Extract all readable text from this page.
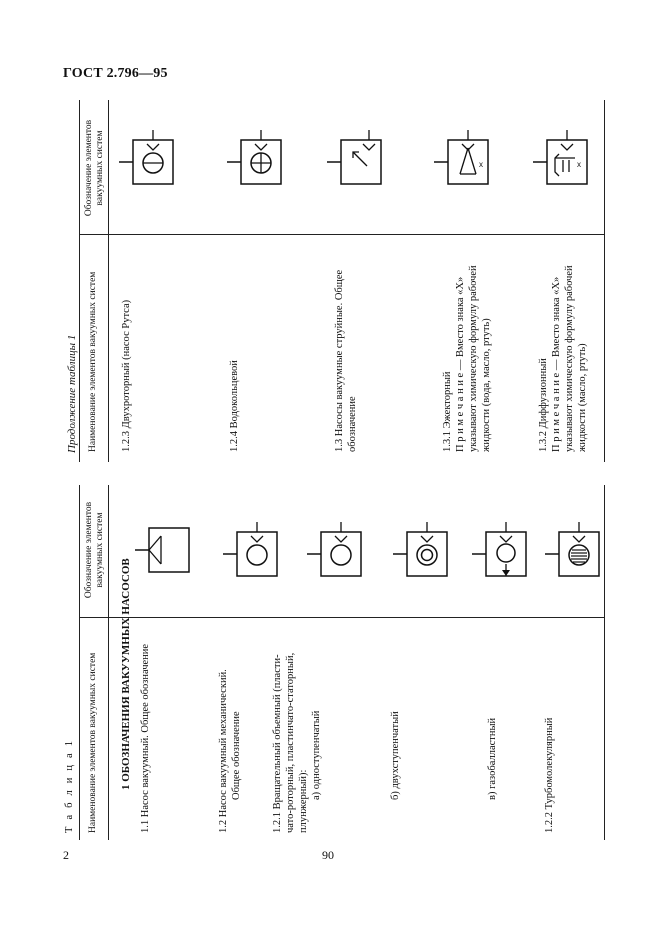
ГОСТ 2.796—95
Т а б л и ц а 1 Наименование элементов вакуумных систем
Обозначение элементов вакуумных систем
1 ОБОЗНАЧЕНИЯ ВАКУУМНЫХ НАСОСОВ 1.1 Насос вакуумный. Общее обозначение	1.2 Насос вакуумный механический. Общее обозначение	1.2.1 Вращательный объемный (пласти- чато-роторный, пластинчато-статорный, плунжерный):
а) одноступенчатый	б) двухступенчатый	в) газобалластный	1.2.2 Турбомолекулярный
Продолжение таблицы 1 Наименование элементов вакуумных систем
Обозначение элементов вакуумных систем
1.2.3 Двухроторный (насос Рутса)	1.2.4 Водокольцевой	1.3 Насосы вакуумные струйные. Общее обозначение	1.3.1 Эжекторный П р и м е ч а н и е — Вместо знака «Х» указывают химическую формулу рабочей жидкости (вода, масло, ртуть)	1.3.2 Диффузионный П р и м е ч а н и е — Вместо знака «Х» указывают химическую формулу рабочей жидкости (масло, ртуть)
x	x
2	90
